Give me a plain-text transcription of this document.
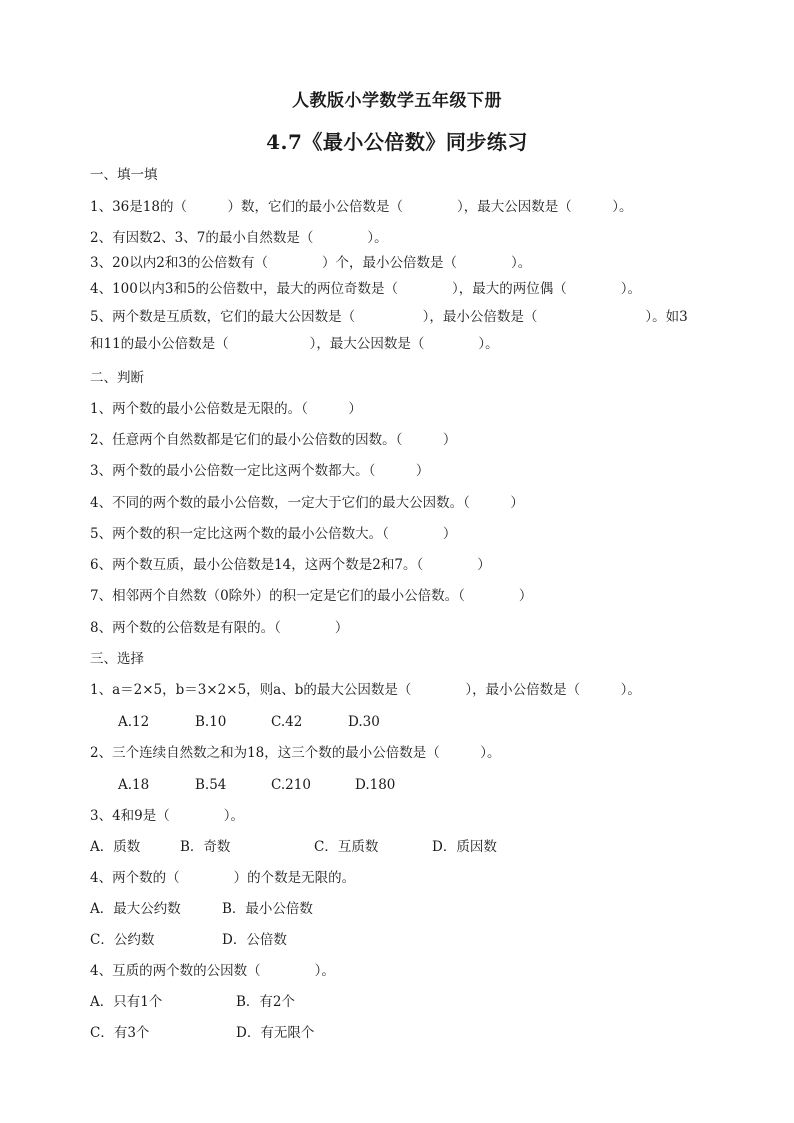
人教版小学数学五年级下册
4.7《最小公倍数》同步练习
一、填一填
1、36是18的（　　　）数，它们的最小公倍数是（　　　　），最大公因数是（　　　）。
2、有因数2、3、7的最小自然数是（　　　　）。
3、20以内2和3的公倍数有（　　　　）个，最小公倍数是（　　　　）。
4、100以内3和5的公倍数中，最大的两位奇数是（　　　　），最大的两位偶（　　　　）。
5、两个数是互质数，它们的最大公因数是（　　　　　），最小公倍数是（　　　　　　　　）。如3
和11的最小公倍数是（　　　　　　），最大公因数是（　　　　）。
二、判断
1、两个数的最小公倍数是无限的。（　　　）
2、任意两个自然数都是它们的最小公倍数的因数。（　　　）
3、两个数的最小公倍数一定比这两个数都大。（　　　）
4、不同的两个数的最小公倍数，一定大于它们的最大公因数。（　　　）
5、两个数的积一定比这两个数的最小公倍数大。（　　　　）
6、两个数互质，最小公倍数是14，这两个数是2和7。（　　　　）
7、相邻两个自然数（0除外）的积一定是它们的最小公倍数。（　　　　）
8、两个数的公倍数是有限的。（　　　　）
三、选择
1、a＝2×5，b＝3×2×5，则a、b的最大公因数是（　　　　），最小公倍数是（　　　）。
A.12	B.10	C.42	D.30
2、三个连续自然数之和为18，这三个数的最小公倍数是（　　　）。
A.18	B.54	C.210	D.180
3、4和9是（　　　　）。
A．质数	B．奇数	C．互质数	D．质因数
4、两个数的（　　　　）的个数是无限的。
A．最大公约数	B．最小公倍数
C．公约数	D．公倍数
4、互质的两个数的公因数（　　　　）。
A．只有1个	B．有2个
C．有3个	D．有无限个
